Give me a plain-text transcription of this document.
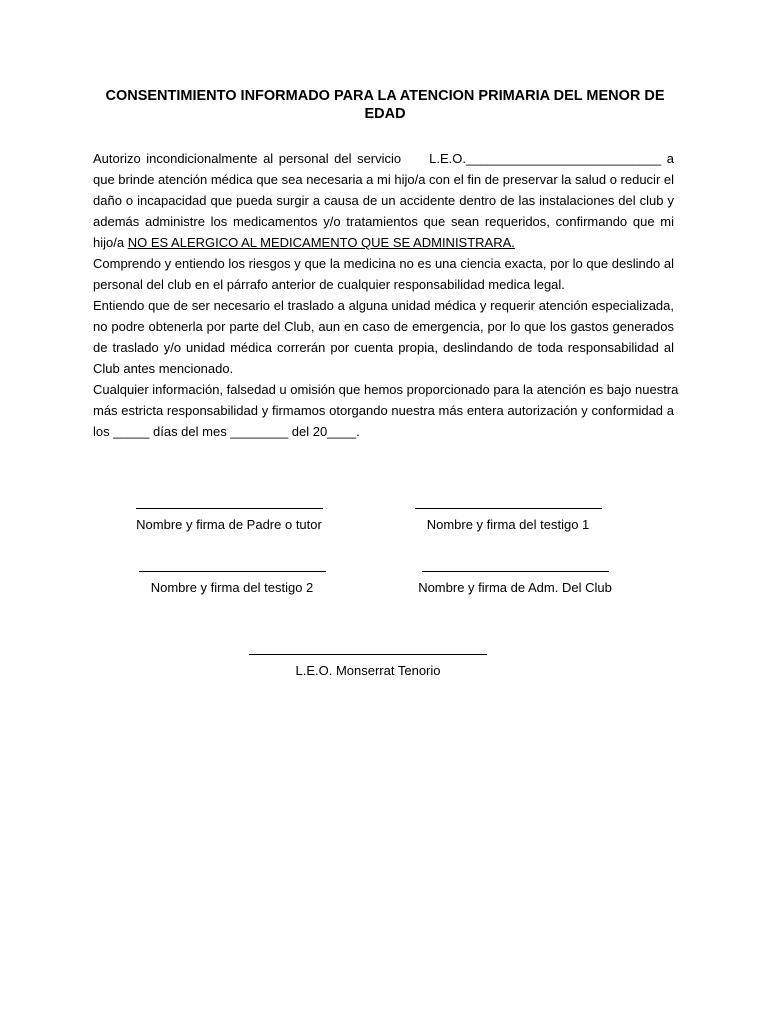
CONSENTIMIENTO INFORMADO PARA LA ATENCION PRIMARIA DEL MENOR DE EDAD

Autorizo incondicionalmente al personal del servicio L.E.O.___________________________ a
que brinde atención médica que sea necesaria a mi hijo/a con el fin de preservar la salud o reducir el
daño o incapacidad que pueda surgir a causa de un accidente dentro de las instalaciones del club y
además administre los medicamentos y/o tratamientos que sean requeridos, confirmando que mi
hijo/a NO ES ALERGICO AL MEDICAMENTO QUE SE ADMINISTRARA.

Comprendo y entiendo los riesgos y que la medicina no es una ciencia exacta, por lo que deslindo al
personal del club en el párrafo anterior de cualquier responsabilidad medica legal.

Entiendo que de ser necesario el traslado a alguna unidad médica y requerir atención especializada,
no podre obtenerla por parte del Club, aun en caso de emergencia, por lo que los gastos generados
de traslado y/o unidad médica correrán por cuenta propia, deslindando de toda responsabilidad al
Club antes mencionado.

Cualquier información, falsedad u omisión que hemos proporcionado para la atención es bajo nuestra
más estricta responsabilidad y firmamos otorgando nuestra más entera autorización y conformidad a
los _____ días del mes ________ del 20____.

Nombre y firma de Padre o tutor	Nombre y firma del testigo 1
Nombre y firma del testigo 2	Nombre y firma de Adm. Del Club
L.E.O. Monserrat Tenorio
